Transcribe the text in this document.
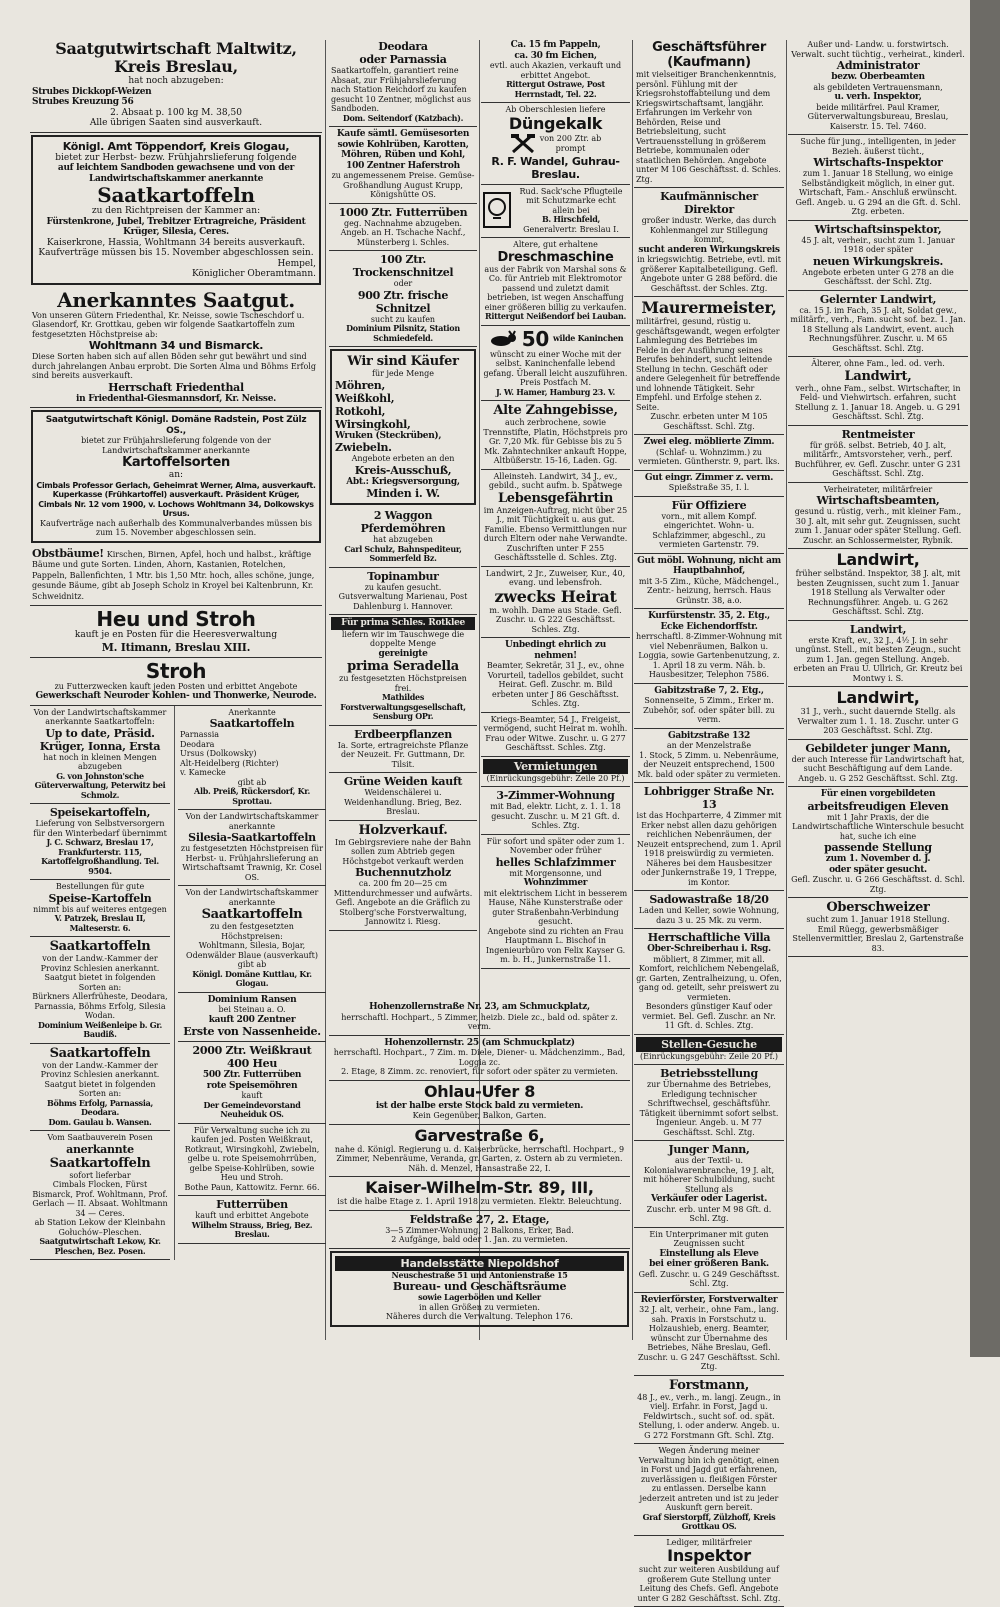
Saatgutwirtschaft Maltwitz, Kreis Breslau,
hat noch abzugeben:
Strubes Dickkopf-Weizen
Strubes Kreuzung 56
2. Absaat p. 100 kg M. 38,50
Alle übrigen Saaten sind ausverkauft.
Königl. Amt Töppendorf, Kreis Glogau,
bietet zur Herbst- bezw. Frühjahrslieferung folgende
auf leichtem Sandboden gewachsene und von der Landwirtschaftskammer anerkannte
Saatkartoffeln
zu den Richtpreisen der Kammer an:
Fürstenkrone, Jubel, Trebitzer Ertragreiche, Präsident Krüger, Silesia, Ceres.
Kaiserkrone, Hassia, Wohltmann 34 bereits ausverkauft.
Kaufverträge müssen bis 15. November abgeschlossen sein.
Hempel,
Königlicher Oberamtmann.
Anerkanntes Saatgut.
Von unseren Gütern Friedenthal, Kr. Neisse, sowie Tscheschdorf u. Glasendorf, Kr. Grottkau, geben wir folgende Saatkartoffeln zum festgesetzten Höchstpreise ab:
Wohltmann 34 und Bismarck.
Diese Sorten haben sich auf allen Böden sehr gut bewährt und sind durch jahrelangen Anbau erprobt. Die Sorten Alma und Böhms Erfolg sind bereits ausverkauft.
Herrschaft Friedenthal
in Friedenthal-Giesmannsdorf, Kr. Neisse.
Saatgutwirtschaft Königl. Domäne Radstein, Post Zülz OS.,
bietet zur Frühjahrslieferung folgende von der Landwirtschaftskammer anerkannte
Kartoffelsorten
an:
Cimbals Professor Gerlach, Geheimrat Werner, Alma, ausverkauft. Kuperkasse (Frühkartoffel) ausverkauft. Präsident Krüger, Cimbals Nr. 12 vom 1900, v. Lochows Wohltmann 34, Dolkowskys Ursus.
Kaufverträge nach außerhalb des Kommunalverbandes müssen bis zum 15. November abgeschlossen sein.
Obstbäume! Kirschen, Birnen, Apfel, hoch und halbst., kräftige Bäume und gute Sorten. Linden, Ahorn, Kastanien, Rotelchen, Pappeln, Ballenfichten, 1 Mtr. bis 1,50 Mtr. hoch, alles schöne, junge, gesunde Bäume, gibt ab Joseph Scholz in Kroyel bei Kaltenbrunn, Kr. Schweidnitz.
Heu und Stroh
kauft je en Posten für die Heeresverwaltung
M. Itimann, Breslau XIII.
Stroh
zu Futterzwecken kauft jeden Posten und erbittet Angebote
Gewerkschaft Neuroder Kohlen- und Thonwerke, Neurode.
Von der Landwirtschaftskammer anerkannte Saatkartoffeln:
Up to date, Präsid. Krüger, Ionna, Ersta
hat noch in kleinen Mengen abzugeben
G. von Johnston'sche Güterverwaltung, Peterwitz bei Schmolz.
Speisekartoffeln,
Lieferung von Selbstversorgern für den Winterbedarf übernimmt
J. C. Schwarz, Breslau 17, Frankfurterstr. 115, Kartoffelgroßhandlung. Tel. 9504.
Bestellungen für gute
Speise-Kartoffeln
nimmt bis auf weiteres entgegen
V. Patrzek, Breslau II, Malteserstr. 6.
Saatkartoffeln
von der Landw.-Kammer der Provinz Schlesien anerkannt. Saatgut bietet in folgenden Sorten an:
Bürkners Allerfrüheste, Deodara, Parnassia, Böhms Erfolg, Silesia Wodan.
Dominium Weißenleipe b. Gr. Baudiß.
Saatkartoffeln
von der Landw.-Kammer der Provinz Schlesien anerkannt. Saatgut bietet in folgenden Sorten an:
Böhms Erfolg, Parnassia, Deodara.
Dom. Gaulau b. Wansen.
Vom Saatbauverein Posen
anerkannte
Saatkartoffeln
sofort lieferbar
Cimbals Flocken, Fürst Bismarck, Prof. Wohltmann, Prof. Gerlach — II. Absaat. Wohltmann 34 — Ceres.
ab Station Lekow der Kleinbahn Gołuchów–Pleschen.
Saatgutwirtschaft Lekow, Kr. Pleschen, Bez. Posen.
Anerkannte
Saatkartoffeln
Parnassia
Deodara
Ursus (Dolkowsky)
Alt-Heidelberg (Richter)
v. Kamecke
gibt ab
Alb. Preiß, Rückersdorf, Kr. Sprottau.
Von der Landwirtschaftskammer anerkannte
Silesia-Saatkartoffeln
zu festgesetzten Höchstpreisen für Herbst- u. Frühjahrslieferung an Wirtschaftsamt Trawnig, Kr. Cosel OS.
Von der Landwirtschaftskammer anerkannte
Saatkartoffeln
zu den festgesetzten Höchstpreisen:
Wohltmann, Silesia, Bojar, Odenwälder Blaue (ausverkauft)
gibt ab
Königl. Domäne Kuttlau, Kr. Glogau.
Dominium Ransen
bei Steinau a. O.
kauft 200 Zentner
Erste von Nassenheide.
2000 Ztr. Weißkraut
400 Heu
500 Ztr. Futterrüben
rote Speisemöhren
kauft
Der Gemeindevorstand Neuheiduk OS.
Für Verwaltung suche ich zu kaufen jed. Posten Weißkraut, Rotkraut, Wirsingkohl, Zwiebeln, gelbe u. rote Speisemohrrüben, gelbe Speise-Kohlrüben, sowie Heu und Stroh.
Bothe Paun, Kattowitz. Fernr. 66.
Futterrüben
kauft und erbittet Angebote
Wilhelm Strauss, Brieg, Bez. Breslau.
Deodara
oder Parnassia
Saatkartoffeln, garantiert reine Absaat, zur Frühjahrslieferung nach Station Reichdorf zu kaufen gesucht 10 Zentner, möglichst aus Sandboden.
Dom. Seitendorf (Katzbach).
Kaufe sämtl. Gemüsesorten sowie Kohlrüben, Karotten, Möhren, Rüben und Kohl, 100 Zentner Haferstroh
zu angemessenem Preise. Gemüse-Großhandlung August Krupp, Königshütte OS.
1000 Ztr. Futterrüben
geg. Nachnahme abzugeben. Angeb. an H. Tschache Nachf., Münsterberg i. Schles.
100 Ztr. Trockenschnitzel
oder
900 Ztr. frische Schnitzel
sucht zu kaufen
Dominium Pilsnitz, Station Schmiedefeld.
Wir sind Käufer
für jede Menge
Möhren,
Weißkohl,
Rotkohl,
Wirsingkohl,
Wruken (Steckrüben),
Zwiebeln.
Angebote erbeten an den
Kreis-Ausschuß,
Abt.: Kriegsversorgung,
Minden i. W.
2 Waggon
Pferdemöhren
hat abzugeben
Carl Schulz, Bahnspediteur, Sommerfeld Bz.
Topinambur
zu kaufen gesucht.
Gutsverwaltung Marienau, Post Dahlenburg i. Hannover.
Für prima Schles. Rotklee
liefern wir im Tauschwege die doppelte Menge
gereinigte
prima Seradella
zu festgesetzten Höchstpreisen frei.
Mathildes Forstverwaltungsgesellschaft, Sensburg OPr.
Erdbeerpflanzen
Ia. Sorte, ertragreichste Pflanze der Neuzeit. Fr. Guttmann, Dr. Tilsit.
Grüne Weiden kauft
Weidenschälerei u. Weidenhandlung. Brieg, Bez. Breslau.
Holzverkauf.
Im Gebirgsreviere nahe der Bahn sollen zum Abtrieb gegen Höchstgebot verkauft werden
Buchennutzholz
ca. 200 fm 20—25 cm Mittendurchmesser und aufwärts.
Gefl. Angebote an die Gräflich zu Stolberg'sche Forstverwaltung, Jannowitz i. Riesg.
Ca. 15 fm Pappeln,
ca. 30 fm Eichen,
evtl. auch Akazien, verkauft und erbittet Angebot.
Rittergut Ostrawe, Post Herrnstadt, Tel. 22.
Ab Oberschlesien liefere
Düngekalk
von 200 Ztr. ab
prompt
R. F. Wandel, Guhrau-Breslau.
Rud. Sack'sche Pflugteile
mit Schutzmarke echt allein bei
B. Hirschfeld,
Generalvertr. Breslau I.
Altere, gut erhaltene
Dreschmaschine
aus der Fabrik von Marshal sons & Co. für Antrieb mit Elektromotor passend und zuletzt damit betrieben, ist wegen Anschaffung einer größeren billig zu verkaufen.
Rittergut Neißendorf bei Lauban.
50 wilde Kaninchen
wünscht zu einer Woche mit der selbst. Kaninchenfalle lebend gefang. Überall leicht auszuführen. Preis Postfach M.
J. W. Hamer, Hamburg 23. V.
Alte Zahngebisse,
auch zerbrochene, sowie Trennstifte, Platin, Höchstpreis pro Gr. 7,20 Mk. für Gebisse bis zu 5 Mk. Zahntechniker ankauft Hoppe, Altbüßerstr. 15-16, Laden. Gg.
Alleinsteh. Landwirt, 34 J., ev., gebild., sucht aufm. b. Spätwege
Lebensgefährtin
im Anzeigen-Auftrag, nicht über 25 J., mit Tüchtigkeit u. aus gut. Familie. Ebenso Vermittlungen nur durch Eltern oder nahe Verwandte. Zuschriften unter F 255 Geschäftsstelle d. Schles. Ztg.
Landwirt, 2 Jr., Zuweiser, Kur., 40, evang. und lebensfroh.
zwecks Heirat
m. wohlh. Dame aus Stade. Gefl. Zuschr. u. G 222 Geschäftsst. Schles. Ztg.
Unbedingt ehrlich zu nehmen!
Beamter, Sekretär, 31 J., ev., ohne Vorurteil, tadellos gebildet, sucht Heirat. Gefl. Zuschr. m. Bild erbeten unter J 86 Geschäftsst. Schles. Ztg.
Kriegs-Beamter, 54 J., Freigeist, vermögend, sucht Heirat m. wohlh. Frau oder Witwe. Zuschr. u. G 277 Geschäftsst. Schles. Ztg.
Vermietungen
(Einrückungsgebühr: Zeile 20 Pf.)
3-Zimmer-Wohnung
mit Bad, elektr. Licht, z. 1. 1. 18 gesucht. Zuschr. u. M 21 Gft. d. Schles. Ztg.
Für sofort und später oder zum 1. November oder früher
helles Schlafzimmer
mit Morgensonne, und
Wohnzimmer
mit elektrischem Licht in besserem Hause, Nähe Kunsterstraße oder guter Straßenbahn-Verbindung gesucht.
Angebote sind zu richten an Frau Hauptmann L. Bischof in Ingenieurbüro von Felix Kayser G. m. b. H., Junkernstraße 11.
Hohenzollernstraße Nr. 23, am Schmuckplatz,
herrschaftl. Hochpart., 5 Zimmer, heizb. Diele zc., bald od. später z. verm.
Hohenzollernstr. 25 (am Schmuckplatz)
herrschaftl. Hochpart., 7 Zim. m. Diele, Diener- u. Mädchenzimm., Bad, Loggia zc.
2. Etage, 8 Zimm. zc. renoviert, für sofort oder später zu vermieten.
Ohlau-Ufer 8
ist der halbe erste Stock bald zu vermieten.
Kein Gegenüber, Balkon, Garten.
Garvestraße 6,
nahe d. Königl. Regierung u. d. Kaiserbrücke, herrschaftl. Hochpart., 9 Zimmer, Nebenräume, Veranda, gr. Garten, z. Ostern ab zu vermieten. Näh. d. Menzel, Hansastraße 22, I.
Kaiser-Wilhelm-Str. 89, III,
ist die halbe Etage z. 1. April 1918 zu vermieten. Elektr. Beleuchtung.
Feldstraße 27, 2. Etage,
3—5 Zimmer-Wohnung, 2 Balkons, Erker, Bad.
2 Aufgänge, bald oder 1. Jan. zu vermieten.
Handelsstätte Niepoldshof
Neuschestraße 51 und Antonienstraße 15
Bureau- und Geschäftsräume
sowie Lagerböden und Keller
in allen Größen zu vermieten.
Näheres durch die Verwaltung. Telephon 176.
Geschäftsführer (Kaufmann)
mit vielseitiger Branchenkenntnis, persönl. Fühlung mit der Kriegsrohstoffabteilung und dem Kriegswirtschaftsamt, langjähr. Erfahrungen im Verkehr von Behörden, Reise und Betriebsleitung, sucht Vertrauensstellung in größerem Betriebe, kommunalen oder staatlichen Behörden. Angebote unter M 106 Geschäftsst. d. Schles. Ztg.
Kaufmännischer Direktor
großer industr. Werke, das durch Kohlenmangel zur Stillegung kommt,
sucht anderen Wirkungskreis
in kriegswichtig. Betriebe, evtl. mit größerer Kapitalbeteiligung. Gefl. Angebote unter G 288 beförd. die Geschäftsst. der Schles. Ztg.
Maurermeister,
militärfrei, gesund, rüstig u. geschäftsgewandt, wegen erfolgter Lahmlegung des Betriebes im Felde in der Ausführung seines Berufes behindert, sucht leitende Stellung in techn. Geschäft oder andere Gelegenheit für betreffende und lohnende Tätigkeit. Sehr Empfehl. und Erfolge stehen z. Seite.
Zuschr. erbeten unter M 105 Geschäftsst. Schl. Ztg.
Zwei eleg. möblierte Zimm.
(Schlaf- u. Wohnzimm.) zu vermieten. Güntherstr. 9, part. lks.
Gut eingr. Zimmer z. verm.
Spießstraße 35, I. l.
Für Offiziere
vorn., mit allem Kompf. eingerichtet. Wohn- u. Schlafzimmer, abgeschl., zu vermieten Gartenstr. 79.
Gut möbl. Wohnung, nicht am Hauptbahnhof,
mit 3-5 Zim., Küche, Mädchengel., Zentr.- heizung, herrsch. Haus Grünstr. 38, a.o.
Kurfürstenstr. 35, 2. Etg., Ecke Eichendorffstr.
herrschaftl. 8-Zimmer-Wohnung mit viel Nebenräumen, Balkon u. Loggia, sowie Gartenbenutzung, z. 1. April 18 zu verm. Näh. b. Hausbesitzer, Telephon 7586.
Gabitzstraße 7, 2. Etg.,
Sonnenseite, 5 Zimm., Erker m. Zubehör, sof. oder später bill. zu verm.
Gabitzstraße 132
an der Menzelstraße
1. Stock, 5 Zimm. u. Nebenräume, der Neuzeit entsprechend, 1500 Mk. bald oder später zu vermieten.
Lohbrigger Straße Nr. 13
ist das Hochparterre, 4 Zimmer mit Erker nebst allen dazu gehörigen reichlichen Nebenräumen, der Neuzeit entsprechend, zum 1. April 1918 preiswürdig zu vermieten. Näheres bei dem Hausbesitzer oder Junkernstraße 19, 1 Treppe, im Kontor.
Sadowastraße 18/20
Laden und Keller, sowie Wohnung, dazu 3 u. 25 Mk. zu verm.
Herrschaftliche Villa
Ober-Schreiberhau i. Rsg.
möbliert, 8 Zimmer, mit all. Komfort, reichlichem Nebengelaß, gr. Garten, Zentralheizung, u. Ofen, gang od. geteilt, sehr preiswert zu vermieten.
Besonders günstiger Kauf oder vermiet. Bel. Gefl. Zuschr. an Nr. 11 Gft. d. Schles. Ztg.
Stellen-Gesuche
(Einrückungsgebühr: Zeile 20 Pf.)
Betriebsstellung
zur Übernahme des Betriebes, Erledigung technischer Schriftwechsel, geschäftsführ. Tätigkeit übernimmt sofort selbst. Ingenieur. Angeb. u. M 77 Geschäftsst. Schl. Ztg.
Junger Mann,
aus der Textil- u. Kolonialwarenbranche, 19 J. alt, mit höherer Schulbildung, sucht Stellung als
Verkäufer oder Lagerist.
Zuschr. erb. unter M 98 Gft. d. Schl. Ztg.
Ein Unterprimaner mit guten Zeugnissen sucht
Einstellung als Eleve
bei einer größeren Bank.
Gefl. Zuschr. u. G 249 Geschäftsst. Schl. Ztg.
Revierförster, Forstverwalter
32 J. alt, verheir., ohne Fam., lang. sah. Praxis in Forstschutz u. Holzaushieb, energ. Beamter, wünscht zur Übernahme des Betriebes, Nähe Breslau, Gefl. Zuschr. u. G 247 Geschäftsst. Schl. Ztg.
Forstmann,
48 J., ev., verh., m. langj. Zeugn., in vielj. Erfahr. in Forst, Jagd u. Feldwirtsch., sucht sof. od. spät. Stellung, i. oder anderw. Angeb. u. G 272 Forstmann Gft. Schl. Ztg.
Wegen Änderung meiner Verwaltung bin ich genötigt, einen in Forst und Jagd gut erfahrenen, zuverlässigen u. fleißigen Förster zu entlassen. Derselbe kann jederzeit antreten und ist zu jeder Auskunft gern bereit.
Graf Sierstorpff, Zülzhoff, Kreis Grottkau OS.
Lediger, militärfreier
Inspektor
sucht zur weiteren Ausbildung auf großerem Gute Stellung unter Leitung des Chefs. Gefl. Angebote unter G 282 Geschäftsst. Schl. Ztg.
Außer und- Landw. u. forstwirtsch. Verwalt. sucht tüchtig., verheirat., kinderl.
Administrator
bezw. Oberbeamten
als gebildeten Vertrauensmann,
u. verh. Inspektor,
beide militärfrei. Paul Kramer, Güterverwaltungsbureau, Breslau, Kaiserstr. 15. Tel. 7460.
Suche für jung., intelligenten, in jeder Bezieh. äußerst tücht.,
Wirtschafts-Inspektor
zum 1. Januar 18 Stellung, wo einige Selbständigkeit möglich, in einer gut. Wirtschaft, Fam.- Anschluß erwünscht. Gefl. Angeb. u. G 294 an die Gft. d. Schl. Ztg. erbeten.
Wirtschaftsinspektor,
45 J. alt, verheir., sucht zum 1. Januar 1918 oder später
neuen Wirkungskreis.
Angebote erbeten unter G 278 an die Geschäftsst. der Schl. Ztg.
Gelernter Landwirt,
ca. 15 J. im Fach, 35 J. alt, Soldat gew., militärfr., verh., Fam. sucht sof. bez. 1. Jan. 18 Stellung als Landwirt, event. auch Rechnungsführer. Zuschr. u. M 65 Geschäftsst. Schl. Ztg.
Älterer, ohne Fam., led. od. verh.
Landwirt,
verh., ohne Fam., selbst. Wirtschafter, in Feld- und Viehwirtsch. erfahren, sucht Stellung z. 1. Januar 18. Angeb. u. G 291 Geschäftsst. Schl. Ztg.
Rentmeister
für größ. selbst. Betrieb, 40 J. alt, militärfr., Amtsvorsteher, verh., perf. Buchführer, ev. Gefl. Zuschr. unter G 231 Geschäftsst. Schl. Ztg.
Verheirateter, militärfreier
Wirtschaftsbeamten,
gesund u. rüstig, verh., mit kleiner Fam., 30 J. alt, mit sehr gut. Zeugnissen, sucht zum 1. Januar oder später Stellung. Gefl. Zuschr. an Schlossermeister, Rybnik.
Landwirt,
früher selbständ. Inspektor, 38 J. alt, mit besten Zeugnissen, sucht zum 1. Januar 1918 Stellung als Verwalter oder Rechnungsführer. Angeb. u. G 262 Geschäftsst. Schl. Ztg.
Landwirt,
erste Kraft, ev., 32 J., 4½ J. in sehr ungünst. Stell., mit besten Zeugn., sucht zum 1. Jan. gegen Stellung. Angeb. erbeten an Frau U. Ullrich, Gr. Kreutz bei Montwy i. S.
Landwirt,
31 J., verh., sucht dauernde Stellg. als Verwalter zum 1. 1. 18. Zuschr. unter G 203 Geschäftsst. Schl. Ztg.
Gebildeter junger Mann,
der auch Interesse für Landwirtschaft hat, sucht Beschäftigung auf dem Lande. Angeb. u. G 252 Geschäftsst. Schl. Ztg.
Für einen vorgebildeten
arbeitsfreudigen Eleven
mit 1 Jahr Praxis, der die Landwirtschaftliche Winterschule besucht hat, suche ich eine
passende Stellung
zum 1. November d. J.
oder später gesucht.
Gefl. Zuschr. u. G 266 Geschäftsst. d. Schl. Ztg.
Oberschweizer
sucht zum 1. Januar 1918 Stellung.
Emil Rüegg, gewerbsmäßiger Stellenvermittler, Breslau 2, Gartenstraße 83.
